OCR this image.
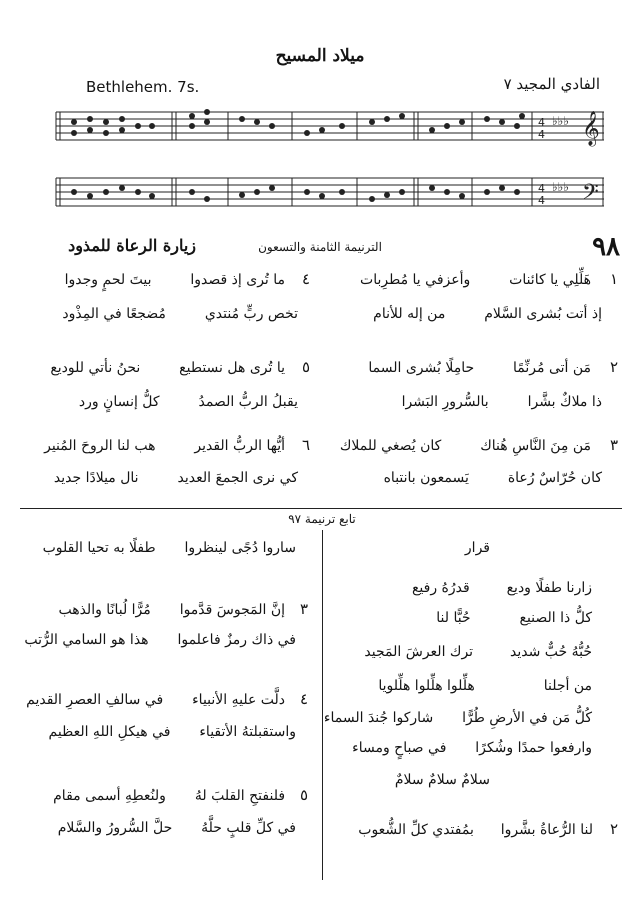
ميلاد المسيح
Bethlehem. 7s.	الفادي المجيد ٧
𝄞
𝄢
♭♭♭
4
4
♭♭♭
4
4
٩٨
الترنيمة الثامنة والتسعون
زيارة الرعاة للمذود
١  هَلِّلِي يا كائنات  وأعزفي يا مُطرِبات
إذ أتت بُشرى السَّلام  من إله للأنام
٢  مَن أتى مُرنِّمًا  حامِلًا بُشرى السما
ذا ملاكٌ بشَّرا  بالسُّرورِ البَشرا
٣  مَن مِنَ النَّاسِ هُناك  كان يُصغي للملاك
كان حُرّاسٌ رُعاة  يَسمعون بانتباه
٤  ما تُرى إذ قصدوا  بيتَ لحمٍ وجدوا
تخص ربٍّ مُنتدي  مُضجعًا في المِذْود
٥  يا تُرى هل نستطيع  نحنُ نأتي للوديع
يقبلُ الربُّ الصمدُ  كلُّ إنسانٍ ورد
٦  أيُّها الربُّ القدير  هب لنا الروحَ المُنير
كي نرى الجمعَ العديد  نال ميلادًا جديد
تابع ترنيمة ٩٧
قرار
زارنا طفلًا وديع  قدرُهُ رفيع
كلُّ ذا الصنيع  حُبًّا لنا
حُبُّهُ حُبٌّ شديد  ترك العرشَ المَجيد
من أجلنا  هلِّلوا هلِّلوا هلِّلويا
كُلُّ مَن في الأرضِ طُرًّا  شاركوا جُندَ السماء
وارفعوا حمدًا وشُكرًا  في صباحٍ ومساء
سلامٌ سلامٌ سلامٌ
٢  لنا الرُّعاةُ بشَّروا  بمُفتدي كلِّ الشُّعوب
ساروا دُجًى لينظروا  طفلًا به تحيا القلوب
٣  إنَّ المَجوسَ قدَّموا  مُرًّا لُبانًا والذهب
في ذاك رمزٌ فاعلموا  هذا هو السامي الرُّتب
٤  دلَّت عليهِ الأنبياء  في سالفِ العصرِ القديم
واستقبلتهُ الأتقياء  في هيكلِ اللهِ العظيم
٥  فلنفتحِ القلبَ لهُ  ولنُعطِهِ أسمى مقام
في كلِّ قلبٍ حلَّهُ  حلَّ السُّرورُ والسَّلام
